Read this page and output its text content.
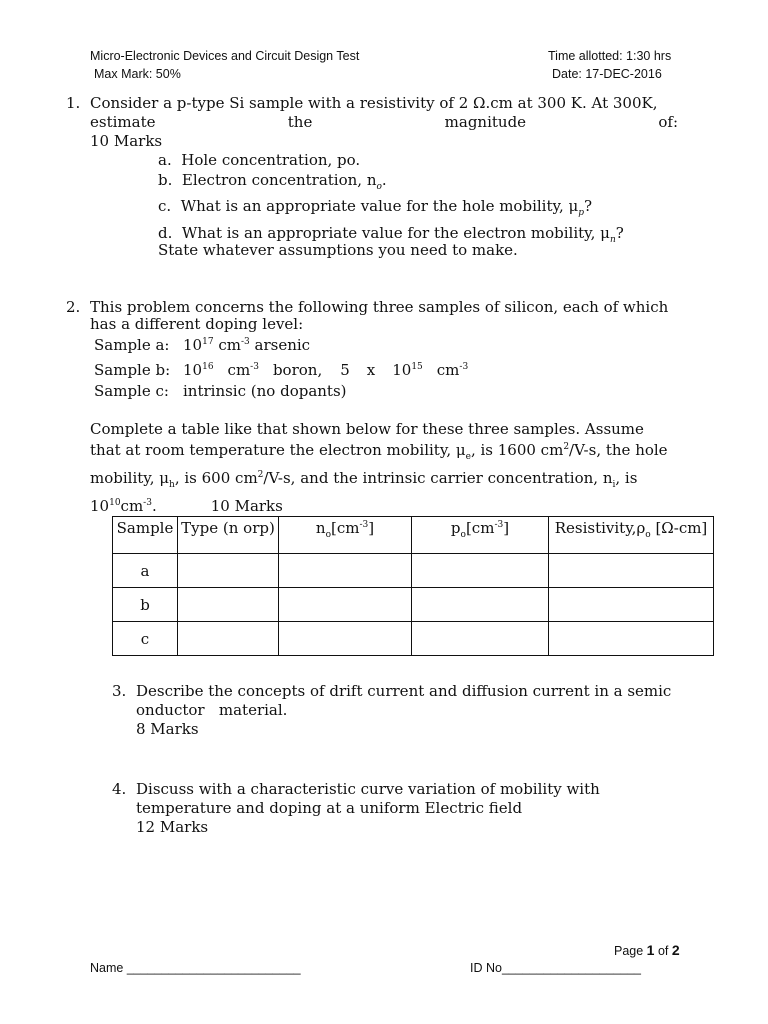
Micro-Electronic Devices and Circuit Design Test
Max Mark: 50%
Time allotted: 1:30 hrs
Date: 17-DEC-2016
1. Consider a p-type Si sample with a resistivity of 2 Ω.cm at 300 K. At 300K,
estimate	the	magnitude	of:
10 Marks
a. Hole concentration, po.
b. Electron concentration, $n_o$.
c. What is an appropriate value for the hole mobility, $\mu_p$?
d. What is an appropriate value for the electron mobility, $\mu_n$?
State whatever assumptions you need to make.
2. This problem concerns the following three samples of silicon, each of which
has a different doping level:
Sample a: 1017 cm-3 arsenic
Sample b: 1016 cm-3 boron, 5 x 1015 cm-3
Sample c: intrinsic (no dopants)
Complete a table like that shown below for these three samples. Assume
that at room temperature the electron mobility, $\mu_e$, is 1600 $cm^2/V-s$, the hole
mobility, $\mu_h$, is 600 $cm^2/V-s$, and the intrinsic carrier concentration, $n_i$, is
$10^{10}cm^{-3}$.	10 Marks
Sample	Type (n orp)	$n_o[cm^{-3}]$	$p_o[cm^{-3}]$	$Resistivity,\rho_o$ [Ω-cm]
a				
b				
c				
3. Describe the concepts of drift current and diffusion current in a semic
onductor   material.
8 Marks
4. Discuss with a characteristic curve variation of mobility with
temperature and doping at a uniform Electric field
12 Marks
Page 1 of 2
Name _________________________	ID No____________________
